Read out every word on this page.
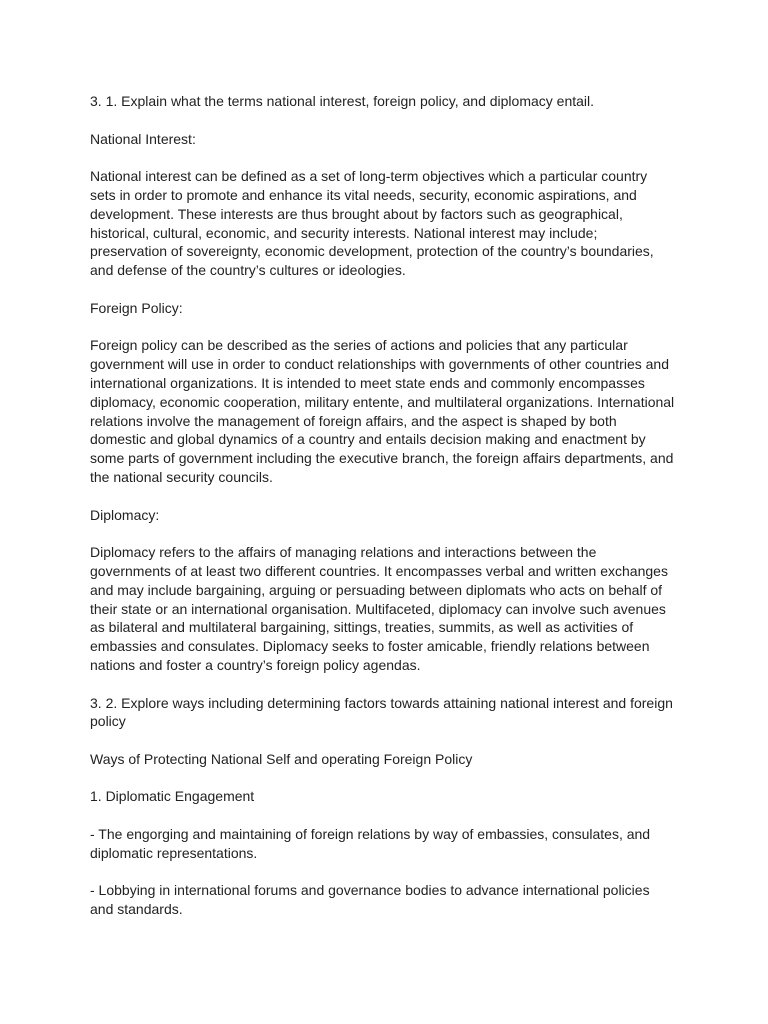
3. 1. Explain what the terms national interest, foreign policy, and diplomacy entail.

National Interest:

National interest can be defined as a set of long-term objectives which a particular country sets in order to promote and enhance its vital needs, security, economic aspirations, and development. These interests are thus brought about by factors such as geographical, historical, cultural, economic, and security interests. National interest may include; preservation of sovereignty, economic development, protection of the country’s boundaries, and defense of the country’s cultures or ideologies.

Foreign Policy:

Foreign policy can be described as the series of actions and policies that any particular government will use in order to conduct relationships with governments of other countries and international organizations. It is intended to meet state ends and commonly encompasses diplomacy, economic cooperation, military entente, and multilateral organizations. International relations involve the management of foreign affairs, and the aspect is shaped by both domestic and global dynamics of a country and entails decision making and enactment by some parts of government including the executive branch, the foreign affairs departments, and the national security councils.

Diplomacy:

Diplomacy refers to the affairs of managing relations and interactions between the governments of at least two different countries. It encompasses verbal and written exchanges and may include bargaining, arguing or persuading between diplomats who acts on behalf of their state or an international organisation. Multifaceted, diplomacy can involve such avenues as bilateral and multilateral bargaining, sittings, treaties, summits, as well as activities of embassies and consulates. Diplomacy seeks to foster amicable, friendly relations between nations and foster a country’s foreign policy agendas.

3. 2. Explore ways including determining factors towards attaining national interest and foreign policy

Ways of Protecting National Self and operating Foreign Policy

1. Diplomatic Engagement

- The engorging and maintaining of foreign relations by way of embassies, consulates, and diplomatic representations.

- Lobbying in international forums and governance bodies to advance international policies and standards.
